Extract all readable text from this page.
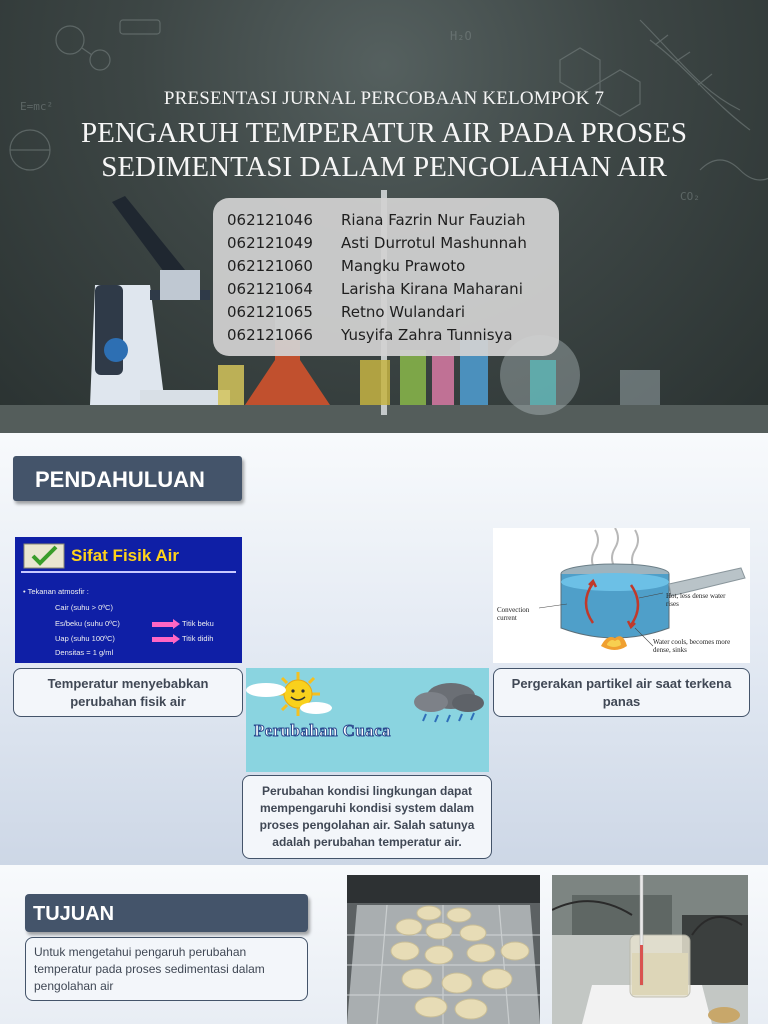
H₂O
E=mc²
CO₂
PRESENTASI JURNAL PERCOBAAN KELOMPOK 7
PENGARUH TEMPERATUR AIR PADA PROSES
SEDIMENTASI DALAM PENGOLAHAN AIR
062121046	Riana Fazrin Nur Fauziah
062121049	Asti Durrotul Mashunnah
062121060	Mangku Prawoto
062121064	Larisha Kirana Maharani
062121065	Retno Wulandari
062121066	Yusyifa Zahra Tunnisya
PENDAHULUAN
Sifat Fisik Air
• Tekanan atmosfir :
Cair (suhu > 0ºC)
Es/beku (suhu 0ºC)	Titik beku
Uap (suhu 100ºC)	Titik didih
Densitas = 1 g/ml
Temperatur menyebabkan perubahan fisik air
Convection current
Hot, less dense water rises
Water cools, becomes more dense, sinks
Pergerakan partikel air saat terkena panas
Perubahan Cuaca
Perubahan kondisi lingkungan dapat mempengaruhi kondisi system dalam proses pengolahan air. Salah satunya adalah perubahan temperatur air.
TUJUAN
Untuk mengetahui pengaruh perubahan temperatur pada proses sedimentasi dalam pengolahan air
